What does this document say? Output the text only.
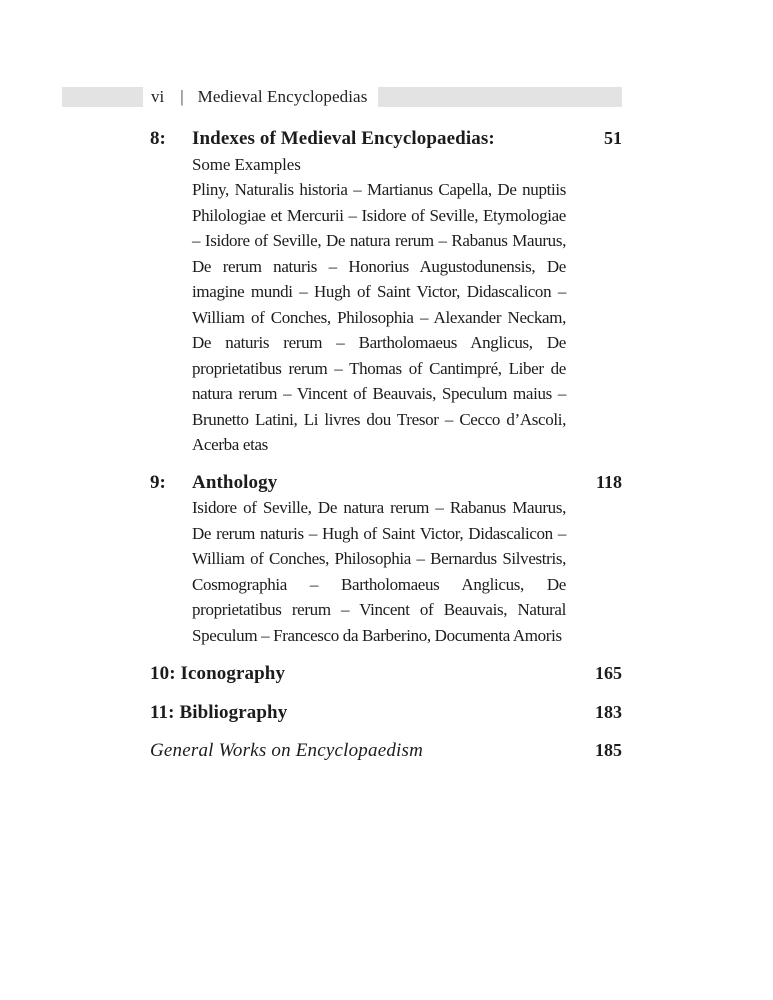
vi | Medieval Encyclopedias
8:	Indexes of Medieval Encyclopaedias:	51
Some Examples

Pliny, Naturalis historia – Martianus Capella, De nuptiis Philologiae et Mercurii – Isidore of Seville, Etymologiae – Isidore of Seville, De natura rerum – Rabanus Maurus, De rerum naturis – Honorius Augustodunensis, De imagine mundi – Hugh of Saint Victor, Didascalicon – William of Conches, Philosophia – Alexander Neckam, De naturis rerum – Bartholomaeus Anglicus, De proprietatibus rerum – Thomas of Cantimpré, Liber de natura rerum – Vincent of Beauvais, Speculum maius – Brunetto Latini, Li livres dou Tresor – Cecco d’Ascoli, Acerba etas

9:	Anthology	118

Isidore of Seville, De natura rerum – Rabanus Maurus, De rerum naturis – Hugh of Saint Victor, Didascalicon – William of Conches, Philosophia – Bernardus Silvestris, Cosmographia – Bartholomaeus Anglicus, De proprietatibus rerum – Vincent of Beauvais, Natural Speculum – Francesco da Barberino, Documenta Amoris

10: Iconography	165
11: Bibliography	183
General Works on Encyclopaedism	185
